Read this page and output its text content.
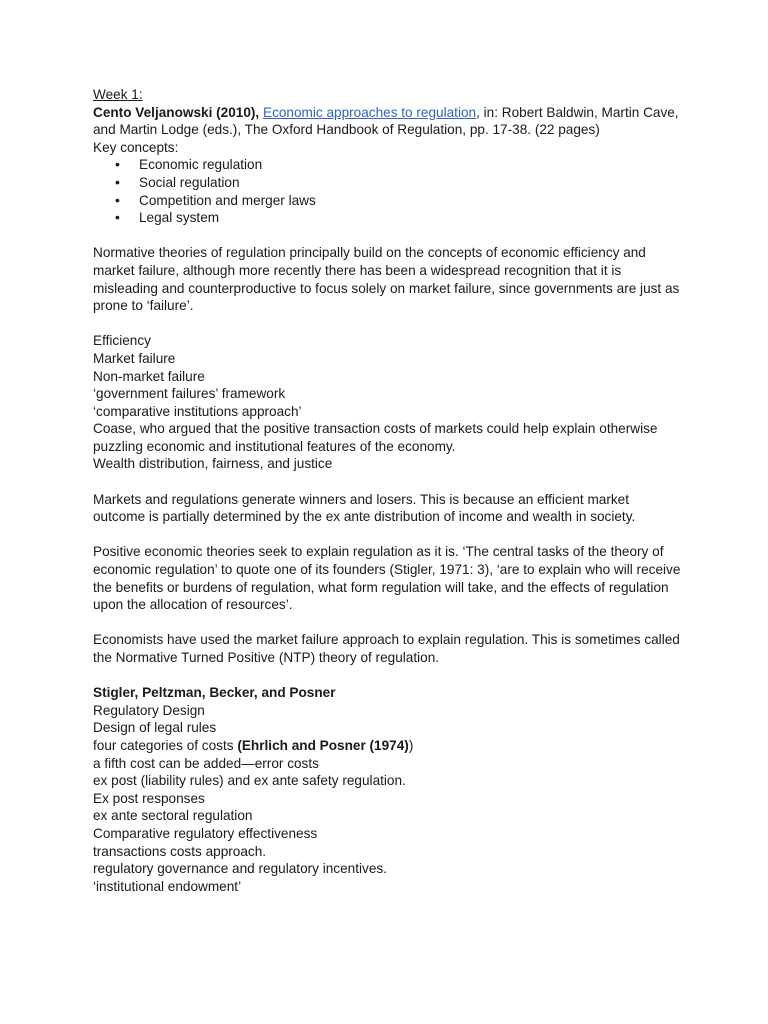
Week 1:

Cento Veljanowski (2010), Economic approaches to regulation, in: Robert Baldwin, Martin Cave, and Martin Lodge (eds.), The Oxford Handbook of Regulation, pp. 17-38. (22 pages)

Key concepts:

• Economic regulation
• Social regulation
• Competition and merger laws
• Legal system

Normative theories of regulation principally build on the concepts of economic efficiency and market failure, although more recently there has been a widespread recognition that it is misleading and counterproductive to focus solely on market failure, since governments are just as prone to ‘failure’.

Efficiency

Market failure

Non-market failure

‘government failures’ framework

‘comparative institutions approach’

Coase, who argued that the positive transaction costs of markets could help explain otherwise puzzling economic and institutional features of the economy.

Wealth distribution, fairness, and justice

Markets and regulations generate winners and losers. This is because an efficient market outcome is partially determined by the ex ante distribution of income and wealth in society.

Positive economic theories seek to explain regulation as it is. ‘The central tasks of the theory of economic regulation’ to quote one of its founders (Stigler, 1971: 3), ‘are to explain who will receive the benefits or burdens of regulation, what form regulation will take, and the effects of regulation upon the allocation of resources’.

Economists have used the market failure approach to explain regulation. This is sometimes called the Normative Turned Positive (NTP) theory of regulation.

Stigler, Peltzman, Becker, and Posner

Regulatory Design

Design of legal rules

four categories of costs (Ehrlich and Posner (1974))

a fifth cost can be added—error costs

ex post (liability rules) and ex ante safety regulation.

Ex post responses

ex ante sectoral regulation

Comparative regulatory effectiveness

transactions costs approach.

regulatory governance and regulatory incentives.

‘institutional endowment’
